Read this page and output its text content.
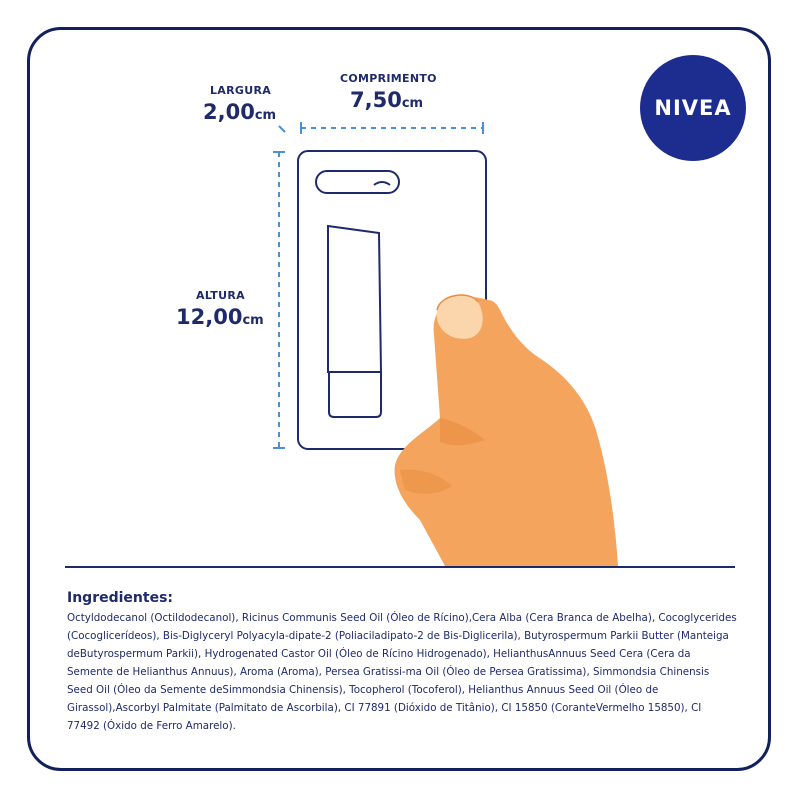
NIVEA
LARGURA
2,00cm
COMPRIMENTO
7,50cm
ALTURA
12,00cm
Ingredientes:
Octyldodecanol (Octildodecanol), Ricinus Communis Seed Oil (Óleo de Rícino),Cera Alba (Cera Branca de Abelha), Cocoglycerides (Cocoglicerídeos), Bis-Diglyceryl Polyacyla-dipate-2 (Poliaciladipato-2 de Bis-Diglicerila), Butyrospermum Parkii Butter (Manteiga deButyrospermum Parkii), Hydrogenated Castor Oil (Óleo de Rícino Hidrogenado), HelianthusAnnuus Seed Cera (Cera da Semente de Helianthus Annuus), Aroma (Aroma), Persea Gratissi-ma Oil (Óleo de Persea Gratissima), Simmondsia Chinensis Seed Oil (Óleo da Semente deSimmondsia Chinensis), Tocopherol (Tocoferol), Helianthus Annuus Seed Oil (Óleo de Girassol),Ascorbyl Palmitate (Palmitato de Ascorbila), CI 77891 (Dióxido de Titânio), CI 15850 (CoranteVermelho 15850), CI 77492 (Óxido de Ferro Amarelo).
